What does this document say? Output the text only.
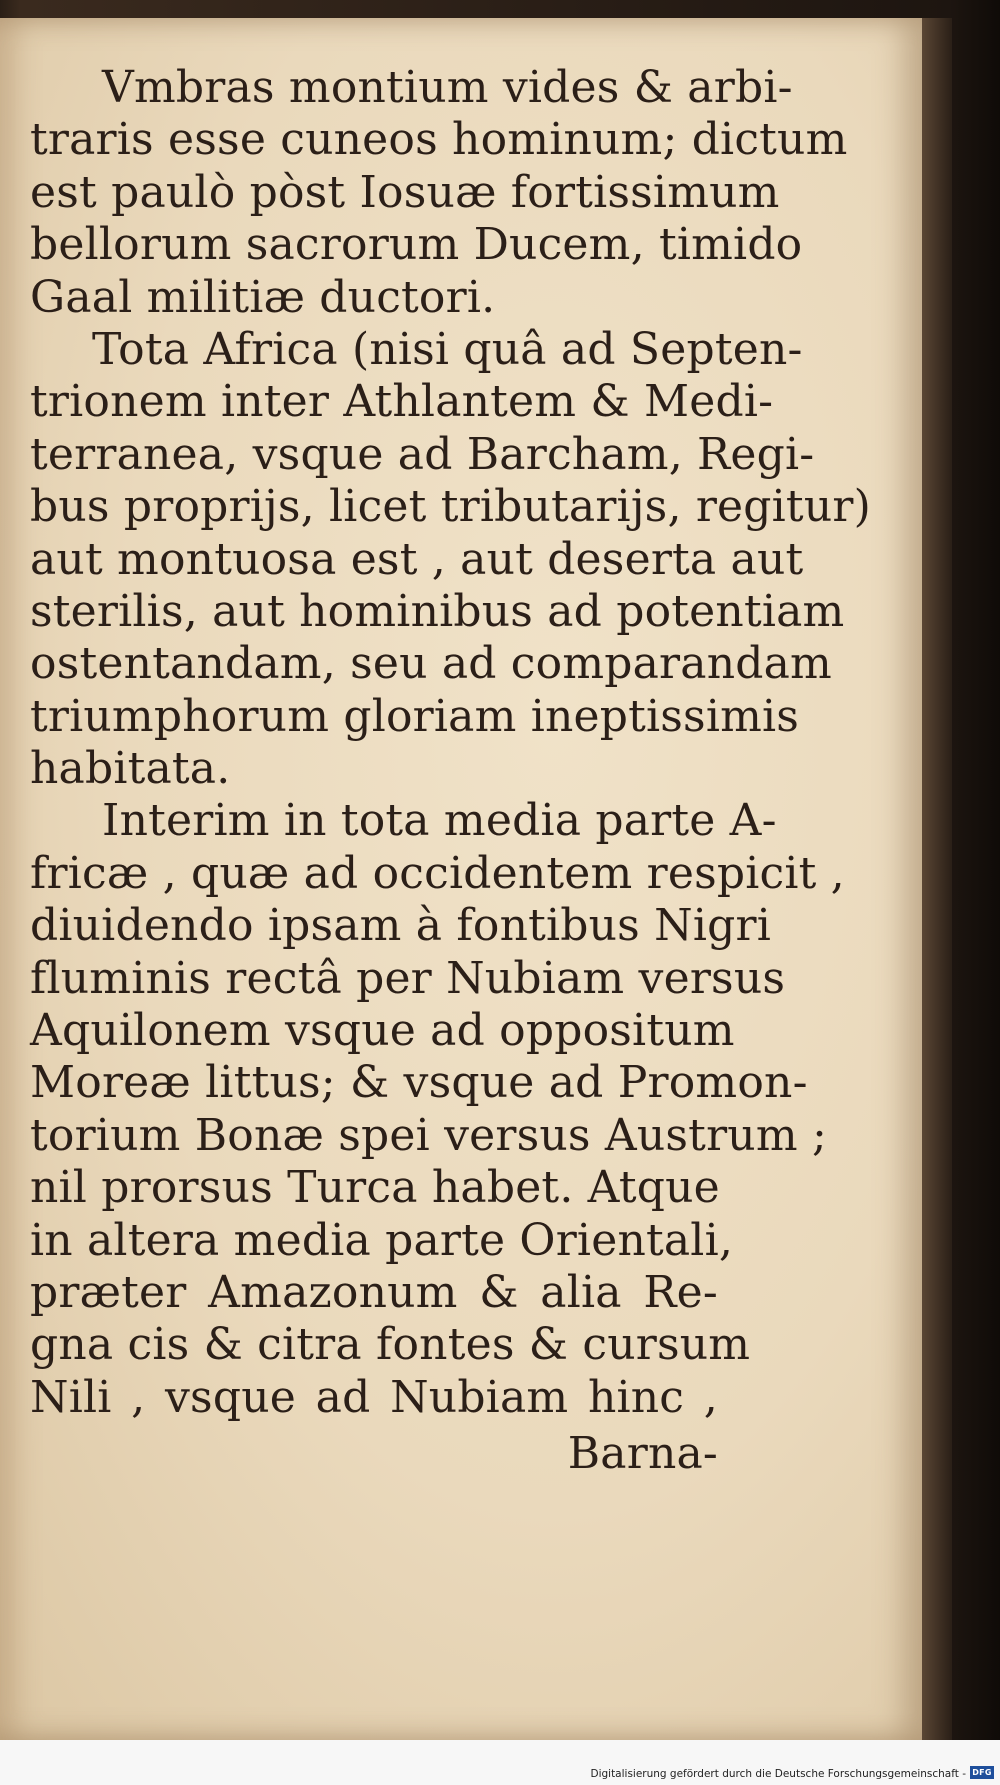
Vmbras montium vides & arbi-
traris esse cuneos hominum; dictum
est paulò pòst Iosuæ fortissimum
bellorum sacrorum Ducem, timido
Gaal militiæ ductori.
Tota Africa (nisi quâ ad Septen-
trionem inter Athlantem & Medi-
terranea, vsque ad Barcham, Regi-
bus proprijs, licet tributarijs, regitur)
aut montuosa est , aut deserta aut
sterilis, aut hominibus ad potentiam
ostentandam, seu ad comparandam
triumphorum gloriam ineptissimis
habitata.
Interim in tota media parte A-
fricæ , quæ ad occidentem respicit ,
diuidendo ipsam à fontibus Nigri
fluminis rectâ per Nubiam versus
Aquilonem vsque ad oppositum
Moreæ littus; & vsque ad Promon-
torium Bonæ spei versus Austrum ;
nil prorsus Turca habet. Atque
in altera media parte Orientali,
præter Amazonum & alia Re-
gna cis & citra fontes & cursum
Nili , vsque ad Nubiam hinc ,
Barna-
Digitalisierung gefördert durch die Deutsche Forschungsgemeinschaft - DFG
